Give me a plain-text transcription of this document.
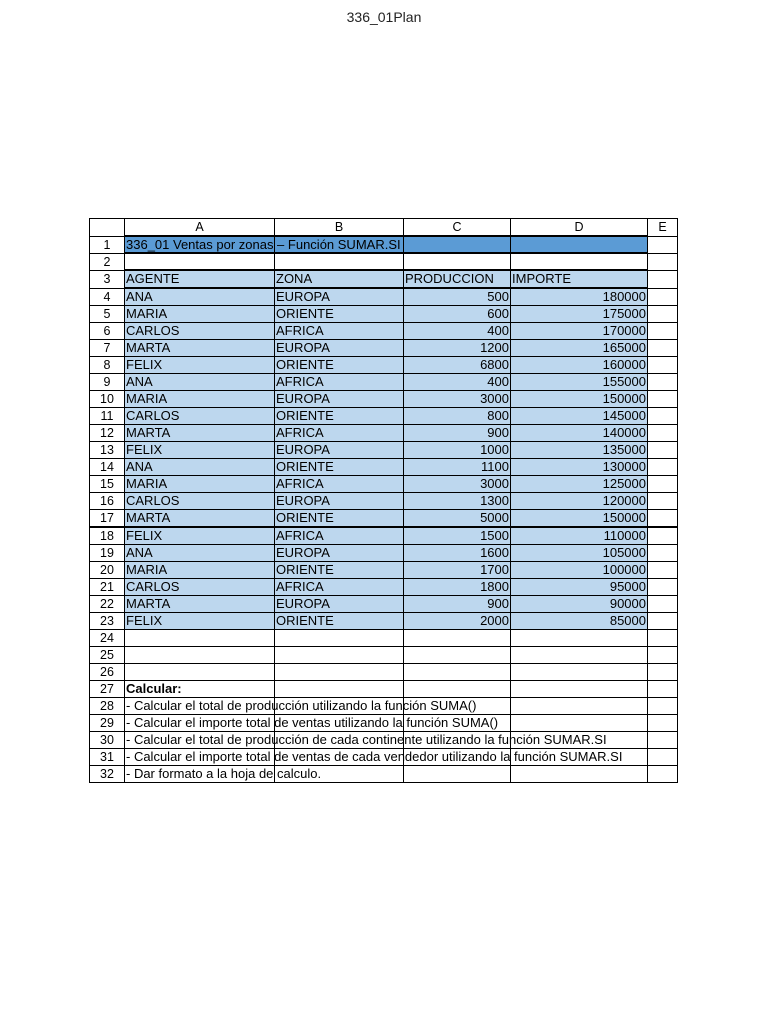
336_01Plan
	A	B	C	D	E
1	336_01 Ventas por zonas – Función SUMAR.SI				

2					
3	AGENTE	ZONA	PRODUCCION	IMPORTE	
4	ANA	EUROPA	500	180000	
5	MARIA	ORIENTE	600	175000	
6	CARLOS	AFRICA	400	170000	
7	MARTA	EUROPA	1200	165000	
8	FELIX	ORIENTE	6800	160000	
9	ANA	AFRICA	400	155000	
10	MARIA	EUROPA	3000	150000	
11	CARLOS	ORIENTE	800	145000	
12	MARTA	AFRICA	900	140000	
13	FELIX	EUROPA	1000	135000	
14	ANA	ORIENTE	1100	130000	
15	MARIA	AFRICA	3000	125000	
16	CARLOS	EUROPA	1300	120000	
17	MARTA	ORIENTE	5000	150000	
18	FELIX	AFRICA	1500	110000	
19	ANA	EUROPA	1600	105000	
20	MARIA	ORIENTE	1700	100000	
21	CARLOS	AFRICA	1800	95000	
22	MARTA	EUROPA	900	90000	
23	FELIX	ORIENTE	2000	85000	
24					
25					
26					
27	Calcular:				
28	- Calcular el total de producción utilizando la función SUMA()				

29	- Calcular el importe total de ventas utilizando la función SUMA()				

30	- Calcular el total de producción de cada continente utilizando la función SUMAR.SI				

31	- Calcular el importe total de ventas de cada vendedor utilizando la función SUMAR.SI				

32	- Dar formato a la hoja de calculo.				
